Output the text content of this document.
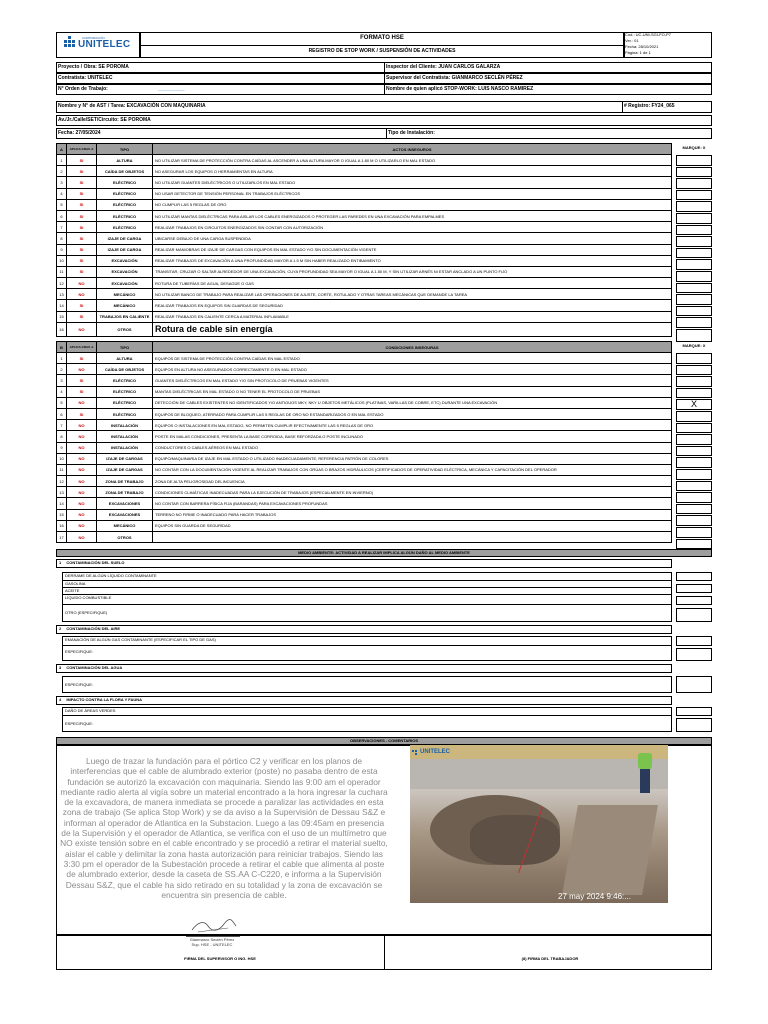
CORPORACIÓN
UNITELEC
FORMATO HSE
REGISTRO DE STOP WORK / SUSPENSIÓN DE ACTIVIDADES
Cod.: UC-UNI-SGI-FO-P7
Ver.: 01
Fecha: 28/10/2021
Página: 1 de 1
Proyecto / Obra: SE POROMA	Inspector del Cliente: JUAN CARLOS GALARZA
Contratista: UNITELEC	Supervisor del Contratista: GIANMARCO SECLÉN PÉREZ
N° Orden de Trabajo:	--------------------	Nombre de quien aplicó STOP-WORK: LUIS NASCO RAMIREZ
Nombre y N° de AST / Tarea: EXCAVACIÓN CON MAQUINARIA	# Registro: FY24_065
Av./Jr./Calle/SET/Circuito: SE POROMA
Fecha: 27/05/2024	Tipo de Instalación:
A	APLICA GRAV. A	TIPO	ACTOS INSEGUROS
1	SI	ALTURA	NO UTILIZAR SISTEMA DE PROTECCIÓN CONTRA CAÍDAS AL ASCENDER A UNA ALTURA MAYOR O IGUAL A 1.80 M O UTILIZARLO EN MAL ESTADO
2	SI	CAÍDA DE OBJETOS	NO ASEGURAR LOS EQUIPOS O HERRAMIENTAS EN ALTURA
3	SI	ELÉCTRICO	NO UTILIZAR GUANTES DIELÉCTRICOS O UTILIZARLOS EN MAL ESTADO
4	SI	ELÉCTRICO	NO USAR DETECTOR DE TENSIÓN PERSONAL EN TRABAJOS ELÉCTRICOS
5	SI	ELÉCTRICO	NO CUMPLIR LAS 5 REGLAS DE ORO
6	SI	ELÉCTRICO	NO UTILIZAR MANTAS DIELÉCTRICAS PARA AISLAR LOS CABLES ENERGIZADOS O PROTEGER LAS PAREDES EN UNA EXCAVACIÓN PARA EMPALMES
7	SI	ELÉCTRICO	REALIZAR TRABAJOS EN CIRCUITOS ENERGIZADOS SIN CONTAR CON AUTORIZACIÓN
8	SI	IZAJE DE CARGA	UBICARSE DEBAJO DE UNA CARGA SUSPENDIDA
9	SI	IZAJE DE CARGA	REALIZAR MANIOBRAS DE IZAJE DE CARGAS CON EQUIPOS EN MAL ESTADO Y/O SIN DOCUMENTACIÓN VIGENTE
10	SI	EXCAVACIÓN	REALIZAR TRABAJOS DE EXCAVACIÓN A UNA PROFUNDIDAD MAYOR A 1.5 M SIN HABER REALIZADO ENTIBAMIENTO
11	SI	EXCAVACIÓN	TRANSITAR, CRUZAR O SALTAR ALREDEDOR DE UNA EXCAVACIÓN, CUYA PROFUNDIDAD SEA MAYOR O IGUAL A 1.50 M, Y SIN UTILIZAR ARNÉS NI ESTAR ANCLADO A UN PUNTO FIJO
12	NO	EXCAVACIÓN	ROTURA DE TUBERÍAS DE AGUA, DESAGÜE O GAS
13	NO	MECÁNICO	NO UTILIZAR BANCO DE TRABAJO PARA REALIZAR LAS OPERACIONES DE AJUSTE, CORTE, ROTULADO Y OTRAS TAREAS MECÁNICAS QUE DEMANDE LA TAREA
14	SI	MECÁNICO	REALIZAR TRABAJOS EN EQUIPOS SIN GUARDAS DE SEGURIDAD
15	SI	TRABAJOS EN CALIENTE	REALIZAR TRABAJOS EN CALIENTE CERCA A MATERIAL INFLAMABLE
16	NO	OTROS	Rotura de cable sin energía
MARQUE: X
B	APLICA GRAV. A	TIPO	CONDICIONES INSEGURAS
1	SI	ALTURA	EQUIPOS DE SISTEMA DE PROTECCIÓN CONTRA CAÍDAS EN MAL ESTADO
2	NO	CAÍDA DE OBJETOS	EQUIPOS EN ALTURA NO ASEGURADOS CORRECTAMENTE O EN MAL ESTADO
3	SI	ELÉCTRICO	GUANTES DIELÉCTRICOS EN MAL ESTADO Y/O SIN PROTOCOLO DE PRUEBAS VIGENTES
4	SI	ELÉCTRICO	MANTAS DIELÉCTRICAS EN MAL ESTADO O NO TENER EL PROTOCOLO DE PRUEBAS
5	NO	ELÉCTRICO	DETECCIÓN DE CABLES EXISTENTES NO IDENTIFICADOS Y/O ANTIGUOS MKY, NKY U OBJETOS METÁLICOS (PLATINAS, VARILLAS DE COBRE, ETC) DURANTE UNA EXCAVACIÓN
6	SI	ELÉCTRICO	EQUIPOS DE BLOQUEO, ATERRADO PARA CUMPLIR LAS 5 REGLAS DE ORO NO ESTANDARIZADOS O EN MAL ESTADO
7	NO	INSTALACIÓN	EQUIPOS O INSTALACIONES EN MAL ESTADO, NO PERMITEN CUMPLIR EFECTIVAMENTE LAS 5 REGLAS DE ORO
8	NO	INSTALACIÓN	POSTE EN MALAS CONDICIONES, PRESENTA LA BASE CORROIDA, BASE REFORZADA O POSTE INCLINADO
9	NO	INSTALACIÓN	CONDUCTORES O CABLES AÉREOS EN MAL ESTADO
10	NO	IZAJE DE CARGAS	EQUIPO/MAQUINARIA DE IZAJE EN MAL ESTADO O UTILIZADO INADECUADAMENTE, REFERENCIA PATRÓN DE COLORES
11	NO	IZAJE DE CARGAS	NO CONTAR CON LA DOCUMENTACIÓN VIGENTE AL REALIZAR TRABAJOS CON GRÚAS O BRAZOS HIDRÁULICOS (CERTIFICADOS DE OPERATIVIDAD ELÉCTRICA, MECÁNICA Y CAPACITACIÓN DEL OPERADOR
12	NO	ZONA DE TRABAJO	ZONA DE ALTA PELIGROSIDAD DELINCUENCIA
13	NO	ZONA DE TRABAJO	CONDICIONES CLIMÁTICAS INADECUADAS PARA LA EJECUCIÓN DE TRABAJOS (ESPECIALMENTE EN INVIERNO)
14	NO	EXCAVACIONES	NO CONTAR CON BARRERA FÍSICA FIJA (BARANDAS) PARA EXCAVACIONES PROFUNDAS
15	NO	EXCAVACIONES	TERRENO NO FIRME O INADECUADO PARA HACER TRABAJOS
16	NO	MECÁNICO	EQUIPOS SIN GUARDA DE SEGURIDAD
17	NO	OTROS	
MARQUE: X
X
MEDIO AMBIENTE: ACTIVIDAD A REALIZAR IMPLICA ALGÚN DAÑO AL MEDIO AMBIENTE
1 CONTAMINACIÓN DEL SUELO
DERRAME DE ALGÚN LÍQUIDO CONTAMINANTE
GASOLINA
ACEITE
LÍQUIDO COMBUSTIBLE
OTRO (ESPECIFIQUE)
2 CONTAMINACIÓN DEL AIRE
EMANACIÓN DE ALGÚN GAS CONTAMINANTE (ESPECIFICAR EL TIPO DE GAS)
ESPECIFIQUE:
3 CONTAMINACIÓN DEL AGUA
ESPECIFIQUE:
4 IMPACTO CONTRA LA FLORA Y FAUNA
DAÑO DE ÁREAS VERDES
ESPECIFIQUE:
OBSERVACIONES - COMENTARIOS
Luego de trazar la fundación para el pórtico C2 y verificar en los planos de interferencias que el cable de alumbrado exterior (poste) no pasaba dentro de esta fundación se autorizó la excavación con maquinaria. Siendo las 9:00 am el operador mediante radio alerta al vigía sobre un material encontrado a la hora ingresar la cuchara de la excavadora, de manera inmediata se procede a paralizar las actividades en esta zona de trabajo (Se aplica Stop Work) y se da aviso a la Supervisión de Dessau S&Z e informan al operador de Atlantica en la Substacion. Luego a las 09:45am en presencia de la Supervisión y el operador de Atlantica, se verifica con el uso de un multímetro que NO existe tensión sobre en el cable encontrado y se procedió a retirar el material suelto, aislar el cable y delimitar la zona hasta autorización para reiniciar trabajos. Siendo las 3:30 pm el operador de la Subestación procede a retirar el cable que alimenta al poste de alumbrado exterior, desde la caseta de SS.AA C-C220, e informa a la Supervisión Dessau S&Z, que el cable ha sido retirado en su totalidad y la zona de excavación se encuentra sin presencia de cable.	27 may 2024 9:46:...
UNITELEC
Gianmarco Seclén Pérez
Sup. HSE - UNITELEC
FIRMA DEL SUPERVISOR O ING. HSE	(8) FIRMA DEL TRABAJADOR
